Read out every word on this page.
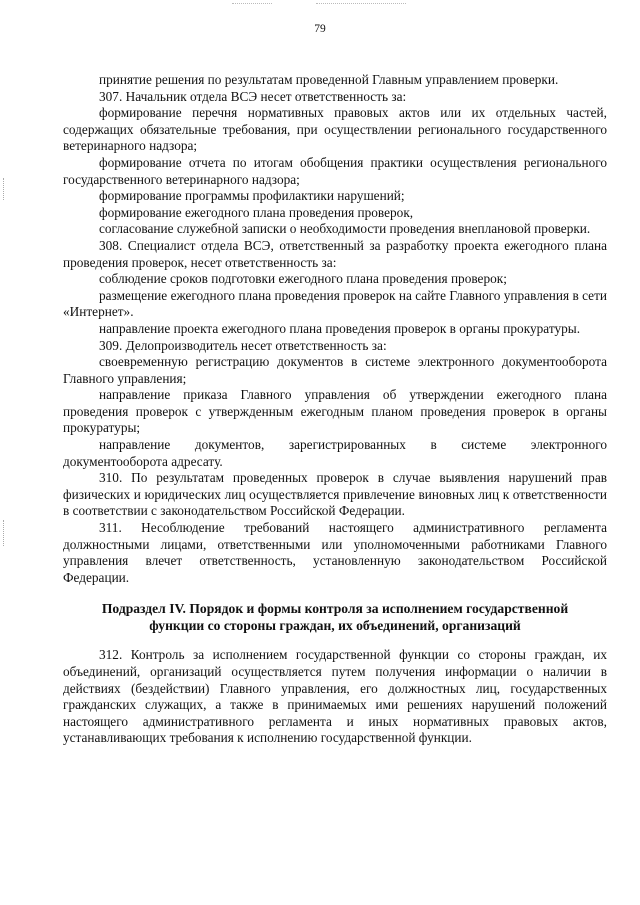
79

принятие решения по результатам проведенной Главным управлением проверки.

307. Начальник отдела ВСЭ несет ответственность за:

формирование перечня нормативных правовых актов или их отдельных частей, содержащих обязательные требования, при осуществлении регионального государственного ветеринарного надзора;

формирование отчета по итогам обобщения практики осуществления регионального государственного ветеринарного надзора;

формирование программы профилактики нарушений;

формирование ежегодного плана проведения проверок,

согласование служебной записки о необходимости проведения внеплановой проверки.

308. Специалист отдела ВСЭ, ответственный за разработку проекта ежегодного плана проведения проверок, несет ответственность за:

соблюдение сроков подготовки ежегодного плана проведения проверок;

размещение ежегодного плана проведения проверок на сайте Главного управления в сети «Интернет».

направление проекта ежегодного плана проведения проверок в органы прокуратуры.

309. Делопроизводитель несет ответственность за:

своевременную регистрацию документов в системе электронного документооборота Главного управления;

направление приказа Главного управления об утверждении ежегодного плана проведения проверок с утвержденным ежегодным планом проведения проверок в органы прокуратуры;

направление документов, зарегистрированных в системе электронного документооборота адресату.

310. По результатам проведенных проверок в случае выявления нарушений прав физических и юридических лиц осуществляется привлечение виновных лиц к ответственности в соответствии с законодательством Российской Федерации.

311. Несоблюдение требований настоящего административного регламента должностными лицами, ответственными или уполномоченными работниками Главного управления влечет ответственность, установленную законодательством Российской Федерации.

Подраздел IV. Порядок и формы контроля за исполнением государственной
функции со стороны граждан, их объединений, организаций

312. Контроль за исполнением государственной функции со стороны граждан, их объединений, организаций осуществляется путем получения информации о наличии в действиях (бездействии) Главного управления, его должностных лиц, государственных гражданских служащих, а также в принимаемых ими решениях нарушений положений настоящего административного регламента и иных нормативных правовых актов, устанавливающих требования к исполнению государственной функции.
